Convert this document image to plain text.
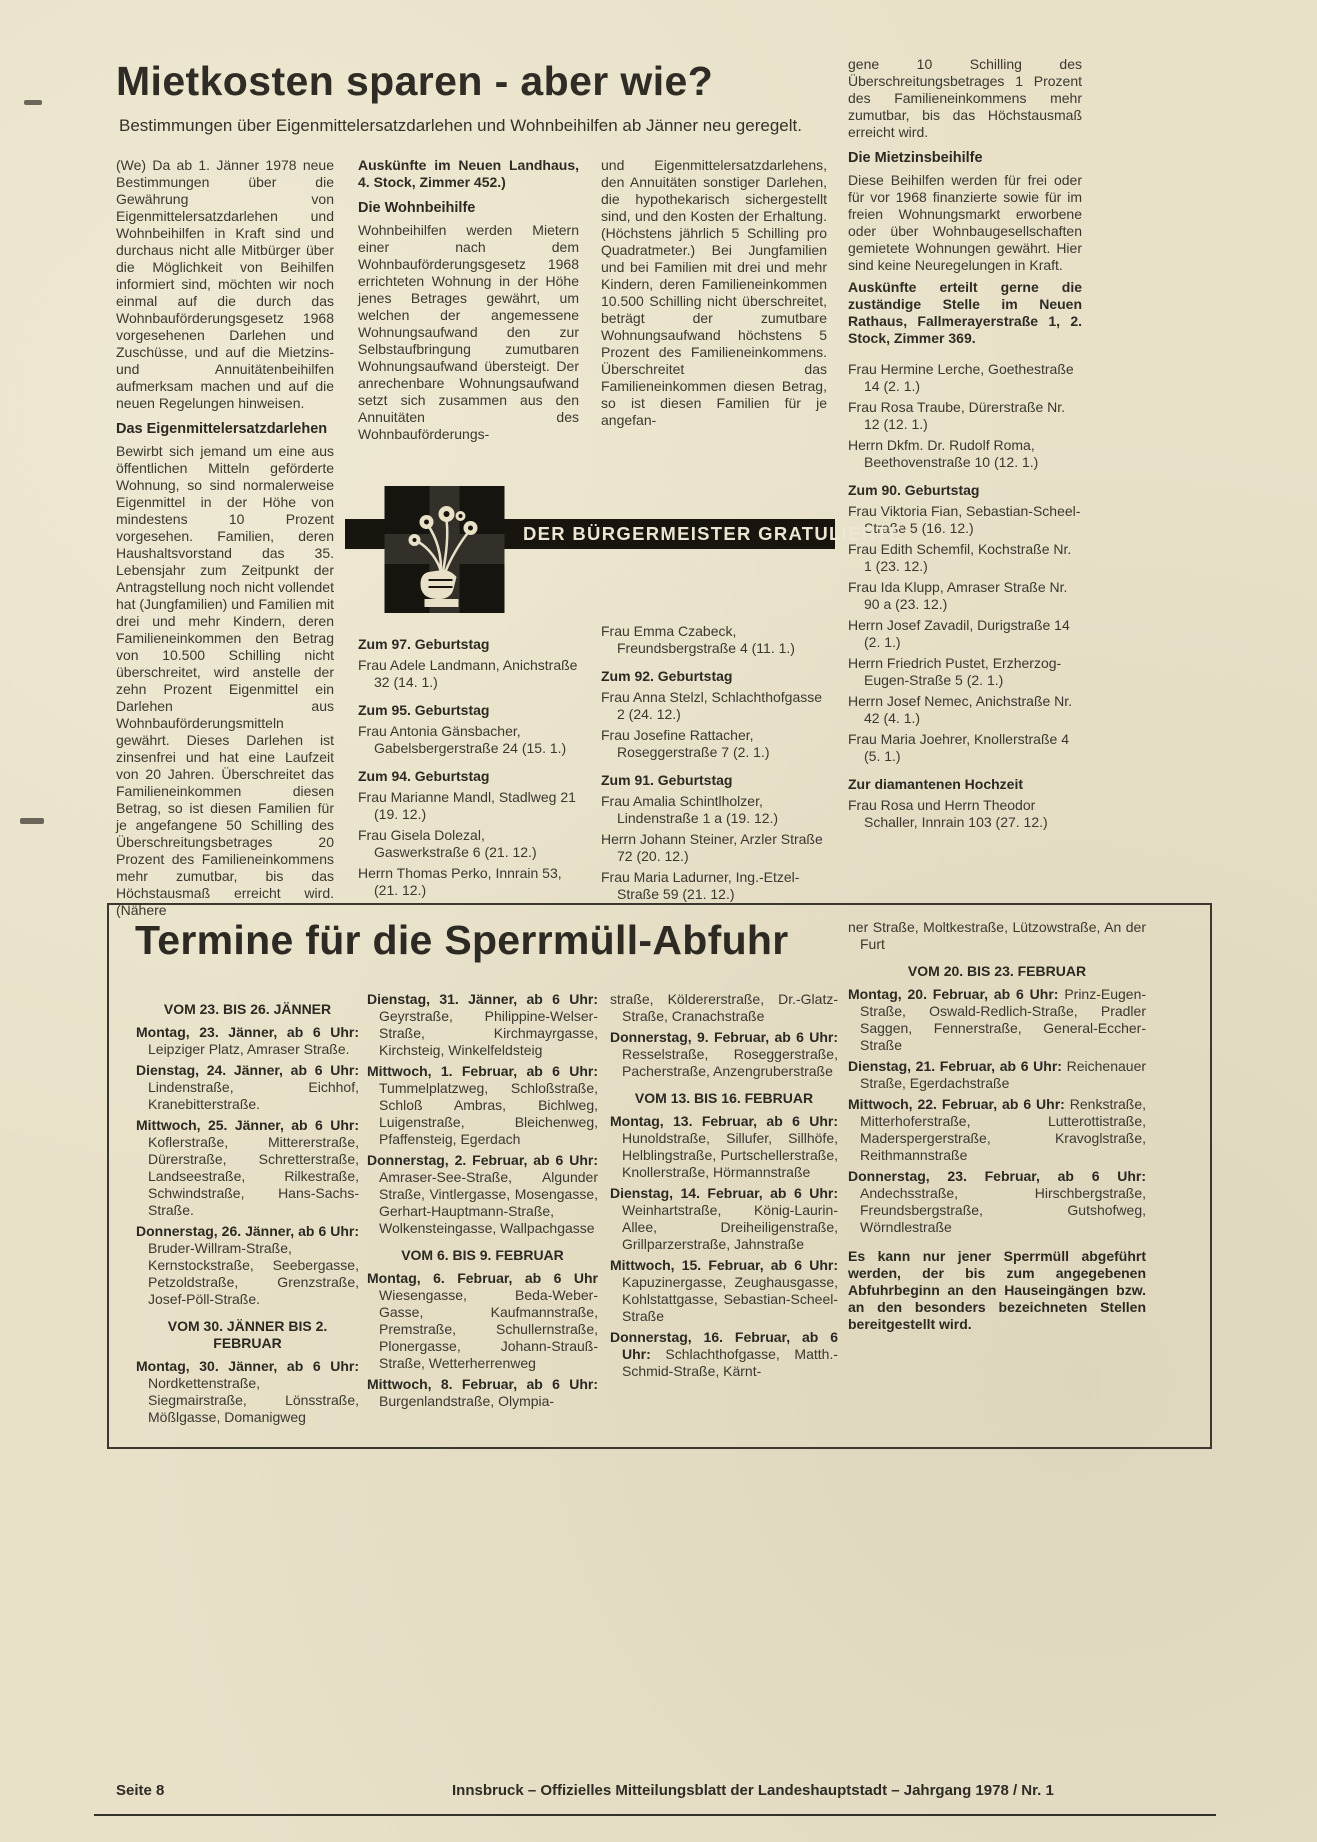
Mietkosten sparen - aber wie?

Bestimmungen über Eigenmittelersatzdarlehen und Wohnbeihilfen ab Jänner neu geregelt.

(We) Da ab 1. Jänner 1978 neue Bestimmungen über die Gewährung von Eigenmittelersatzdarlehen und Wohnbeihilfen in Kraft sind und durchaus nicht alle Mitbürger über die Möglichkeit von Beihilfen informiert sind, möchten wir noch einmal auf die durch das Wohnbauförderungsgesetz 1968 vorgesehenen Darlehen und Zuschüsse, und auf die Mietzins- und Annuitätenbeihilfen aufmerksam machen und auf die neuen Regelungen hinweisen.

Das Eigenmittelersatzdarlehen

Bewirbt sich jemand um eine aus öffentlichen Mitteln geförderte Wohnung, so sind normalerweise Eigenmittel in der Höhe von mindestens 10 Prozent vorgesehen. Familien, deren Haushaltsvorstand das 35. Lebensjahr zum Zeitpunkt der Antragstellung noch nicht vollendet hat (Jungfamilien) und Familien mit drei und mehr Kindern, deren Familieneinkommen den Betrag von 10.500 Schilling nicht überschreitet, wird anstelle der zehn Prozent Eigenmittel ein Darlehen aus Wohnbauförderungsmitteln gewährt. Dieses Darlehen ist zinsenfrei und hat eine Laufzeit von 20 Jahren. Überschreitet das Familieneinkommen diesen Betrag, so ist diesen Familien für je angefangene 50 Schilling des Überschreitungsbetrages 20 Prozent des Familieneinkommens mehr zumutbar, bis das Höchstausmaß erreicht wird. (Nähere

Auskünfte im Neuen Landhaus, 4. Stock, Zimmer 452.)

Die Wohnbeihilfe

Wohnbeihilfen werden Mietern einer nach dem Wohnbauförderungsgesetz 1968 errichteten Wohnung in der Höhe jenes Betrages gewährt, um welchen der angemessene Wohnungsaufwand den zur Selbstaufbringung zumutbaren Wohnungsaufwand übersteigt. Der anrechenbare Wohnungsaufwand setzt sich zusammen aus den Annuitäten des Wohnbauförderungs-

und Eigenmittelersatzdarlehens, den Annuitäten sonstiger Darlehen, die hypothekarisch sichergestellt sind, und den Kosten der Erhaltung. (Höchstens jährlich 5 Schilling pro Quadratmeter.) Bei Jungfamilien und bei Familien mit drei und mehr Kindern, deren Familieneinkommen 10.500 Schilling nicht überschreitet, beträgt der zumutbare Wohnungsaufwand höchstens 5 Prozent des Familieneinkommens. Überschreitet das Familieneinkommen diesen Betrag, so ist diesen Familien für je angefan-

gene 10 Schilling des Überschreitungsbetrages 1 Prozent des Familieneinkommens mehr zumutbar, bis das Höchstausmaß erreicht wird.

Die Mietzinsbeihilfe

Diese Beihilfen werden für frei oder für vor 1968 finanzierte sowie für im freien Wohnungsmarkt erworbene oder über Wohnbaugesellschaften gemietete Wohnungen gewährt. Hier sind keine Neuregelungen in Kraft.

Auskünfte erteilt gerne die zuständige Stelle im Neuen Rathaus, Fallmerayerstraße 1, 2. Stock, Zimmer 369.

Frau Hermine Lerche, Goethestraße 14 (2. 1.)

Frau Rosa Traube, Dürerstraße Nr. 12 (12. 1.)

Herrn Dkfm. Dr. Rudolf Roma, Beethovenstraße 10 (12. 1.)

Zum 90. Geburtstag

Frau Viktoria Fian, Sebastian-Scheel-Straße 5 (16. 12.)

Frau Edith Schemfil, Kochstraße Nr. 1 (23. 12.)

Frau Ida Klupp, Amraser Straße Nr. 90 a (23. 12.)

Herrn Josef Zavadil, Durigstraße 14 (2. 1.)

Herrn Friedrich Pustet, Erzherzog-Eugen-Straße 5 (2. 1.)

Herrn Josef Nemec, Anichstraße Nr. 42 (4. 1.)

Frau Maria Joehrer, Knollerstraße 4 (5. 1.)

Zur diamantenen Hochzeit

Frau Rosa und Herrn Theodor Schaller, Innrain 103 (27. 12.)

DER BÜRGERMEISTER GRATULIERTE
Zum 97. Geburtstag

Frau Adele Landmann, Anichstraße 32 (14. 1.)

Zum 95. Geburtstag

Frau Antonia Gänsbacher, Gabelsbergerstraße 24 (15. 1.)

Zum 94. Geburtstag

Frau Marianne Mandl, Stadlweg 21 (19. 12.)

Frau Gisela Dolezal, Gaswerkstraße 6 (21. 12.)

Herrn Thomas Perko, Innrain 53, (21. 12.)

Frau Emma Czabeck, Freundsbergstraße 4 (11. 1.)

Zum 92. Geburtstag

Frau Anna Stelzl, Schlachthofgasse 2 (24. 12.)

Frau Josefine Rattacher, Roseggerstraße 7 (2. 1.)

Zum 91. Geburtstag

Frau Amalia Schintlholzer, Lindenstraße 1 a (19. 12.)

Herrn Johann Steiner, Arzler Straße 72 (20. 12.)

Frau Maria Ladurner, Ing.-Etzel-Straße 59 (21. 12.)

Termine für die Sperrmüll-Abfuhr
VOM 23. BIS 26. JÄNNER

Montag, 23. Jänner, ab 6 Uhr: Leipziger Platz, Amraser Straße.

Dienstag, 24. Jänner, ab 6 Uhr: Lindenstraße, Eichhof, Kranebitterstraße.

Mittwoch, 25. Jänner, ab 6 Uhr: Koflerstraße, Mittererstraße, Dürerstraße, Schretterstraße, Landseestraße, Rilkestraße, Schwindstraße, Hans-Sachs-Straße.

Donnerstag, 26. Jänner, ab 6 Uhr: Bruder-Willram-Straße, Kernstockstraße, Seebergasse, Petzoldstraße, Grenzstraße, Josef-Pöll-Straße.

VOM 30. JÄNNER BIS 2. FEBRUAR

Montag, 30. Jänner, ab 6 Uhr: Nordkettenstraße, Siegmairstraße, Lönsstraße, Mößlgasse, Domanigweg

Dienstag, 31. Jänner, ab 6 Uhr: Geyrstraße, Philippine-Welser-Straße, Kirchmayrgasse, Kirchsteig, Winkelfeldsteig

Mittwoch, 1. Februar, ab 6 Uhr: Tummelplatzweg, Schloßstraße, Schloß Ambras, Bichlweg, Luigenstraße, Bleichenweg, Pfaffensteig, Egerdach

Donnerstag, 2. Februar, ab 6 Uhr: Amraser-See-Straße, Algunder Straße, Vintlergasse, Mosengasse, Gerhart-Hauptmann-Straße, Wolkensteingasse, Wallpachgasse

VOM 6. BIS 9. FEBRUAR

Montag, 6. Februar, ab 6 Uhr Wiesengasse, Beda-Weber-Gasse, Kaufmannstraße, Premstraße, Schullernstraße, Plonergasse, Johann-Strauß-Straße, Wetterherrenweg

Mittwoch, 8. Februar, ab 6 Uhr: Burgenlandstraße, Olympia-

straße, Köldererstraße, Dr.-Glatz-Straße, Cranachstraße

Donnerstag, 9. Februar, ab 6 Uhr: Resselstraße, Roseggerstraße, Pacherstraße, Anzengruberstraße

VOM 13. BIS 16. FEBRUAR

Montag, 13. Februar, ab 6 Uhr: Hunoldstraße, Sillufer, Sillhöfe, Helblingstraße, Purtschellerstraße, Knollerstraße, Hörmannstraße

Dienstag, 14. Februar, ab 6 Uhr: Weinhartstraße, König-Laurin-Allee, Dreiheiligenstraße, Grillparzerstraße, Jahnstraße

Mittwoch, 15. Februar, ab 6 Uhr: Kapuzinergasse, Zeughausgasse, Kohlstattgasse, Sebastian-Scheel-Straße

Donnerstag, 16. Februar, ab 6 Uhr: Schlachthofgasse, Matth.-Schmid-Straße, Kärnt-

ner Straße, Moltkestraße, Lützowstraße, An der Furt

VOM 20. BIS 23. FEBRUAR

Montag, 20. Februar, ab 6 Uhr: Prinz-Eugen-Straße, Oswald-Redlich-Straße, Pradler Saggen, Fennerstraße, General-Eccher-Straße

Dienstag, 21. Februar, ab 6 Uhr: Reichenauer Straße, Egerdachstraße

Mittwoch, 22. Februar, ab 6 Uhr: Renkstraße, Mitterhoferstraße, Lutterottistraße, Maderspergerstraße, Kravoglstraße, Reithmannstraße

Donnerstag, 23. Februar, ab 6 Uhr: Andechsstraße, Hirschbergstraße, Freundsbergstraße, Gutshofweg, Wörndlestraße

Es kann nur jener Sperrmüll abgeführt werden, der bis zum angegebenen Abfuhrbeginn an den Hauseingängen bzw. an den besonders bezeichneten Stellen bereitgestellt wird.

Seite 8	Innsbruck – Offizielles Mitteilungsblatt der Landeshauptstadt – Jahrgang 1978 / Nr. 1
